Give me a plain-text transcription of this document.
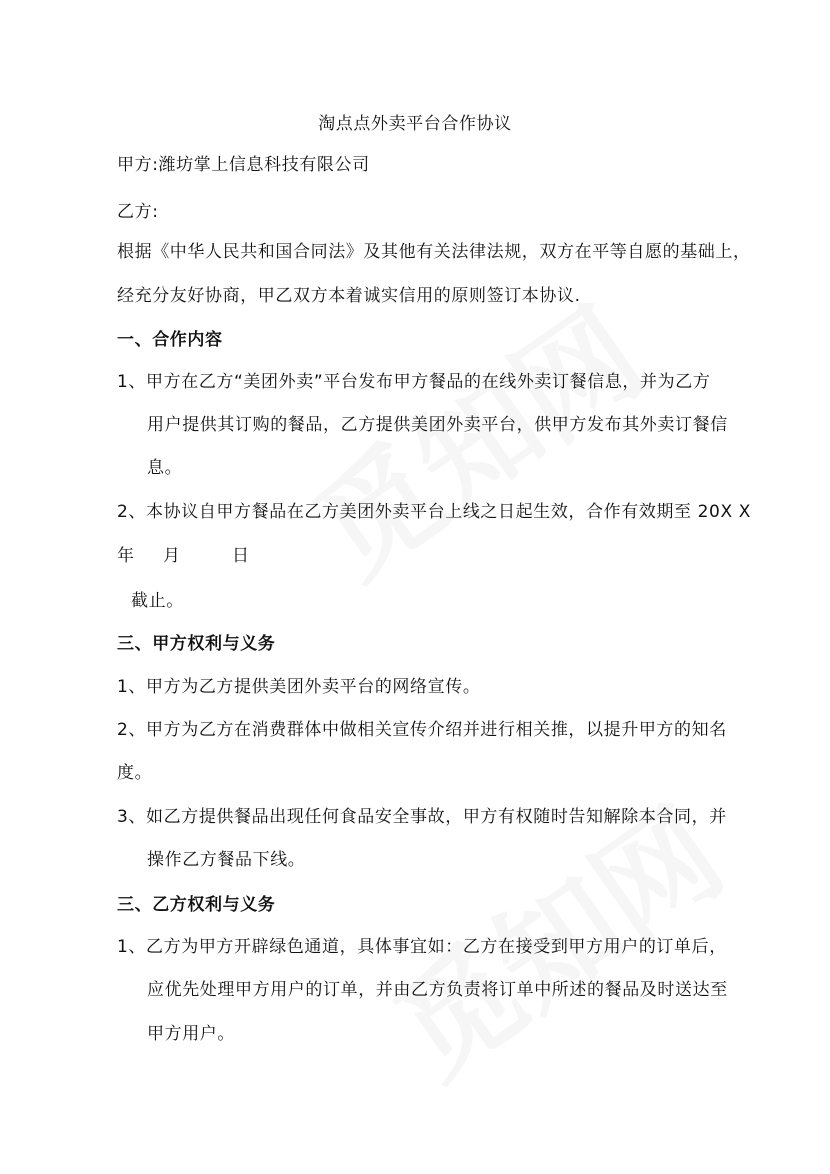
淘点点外卖平台合作协议
甲方:潍坊掌上信息科技有限公司
乙方:
根据《中华人民共和国合同法》及其他有关法律法规，双方在平等自愿的基础上，
经充分友好协商，甲乙双方本着诚实信用的原则签订本协议.
一、合作内容
1、甲方在乙方“美团外卖”平台发布甲方餐品的在线外卖订餐信息，并为乙方
用户提供其订购的餐品，乙方提供美团外卖平台，供甲方发布其外卖订餐信
息。
2、本协议自甲方餐品在乙方美团外卖平台上线之日起生效，合作有效期至 20X X
年　月　　日
截止。
三、甲方权利与义务
1、甲方为乙方提供美团外卖平台的网络宣传。
2、甲方为乙方在消费群体中做相关宣传介绍并进行相关推，以提升甲方的知名
度。
3、如乙方提供餐品出现任何食品安全事故，甲方有权随时告知解除本合同，并
操作乙方餐品下线。
三、乙方权利与义务
1、乙方为甲方开辟绿色通道，具体事宜如：乙方在接受到甲方用户的订单后，
应优先处理甲方用户的订单，并由乙方负责将订单中所述的餐品及时送达至
甲方用户。
